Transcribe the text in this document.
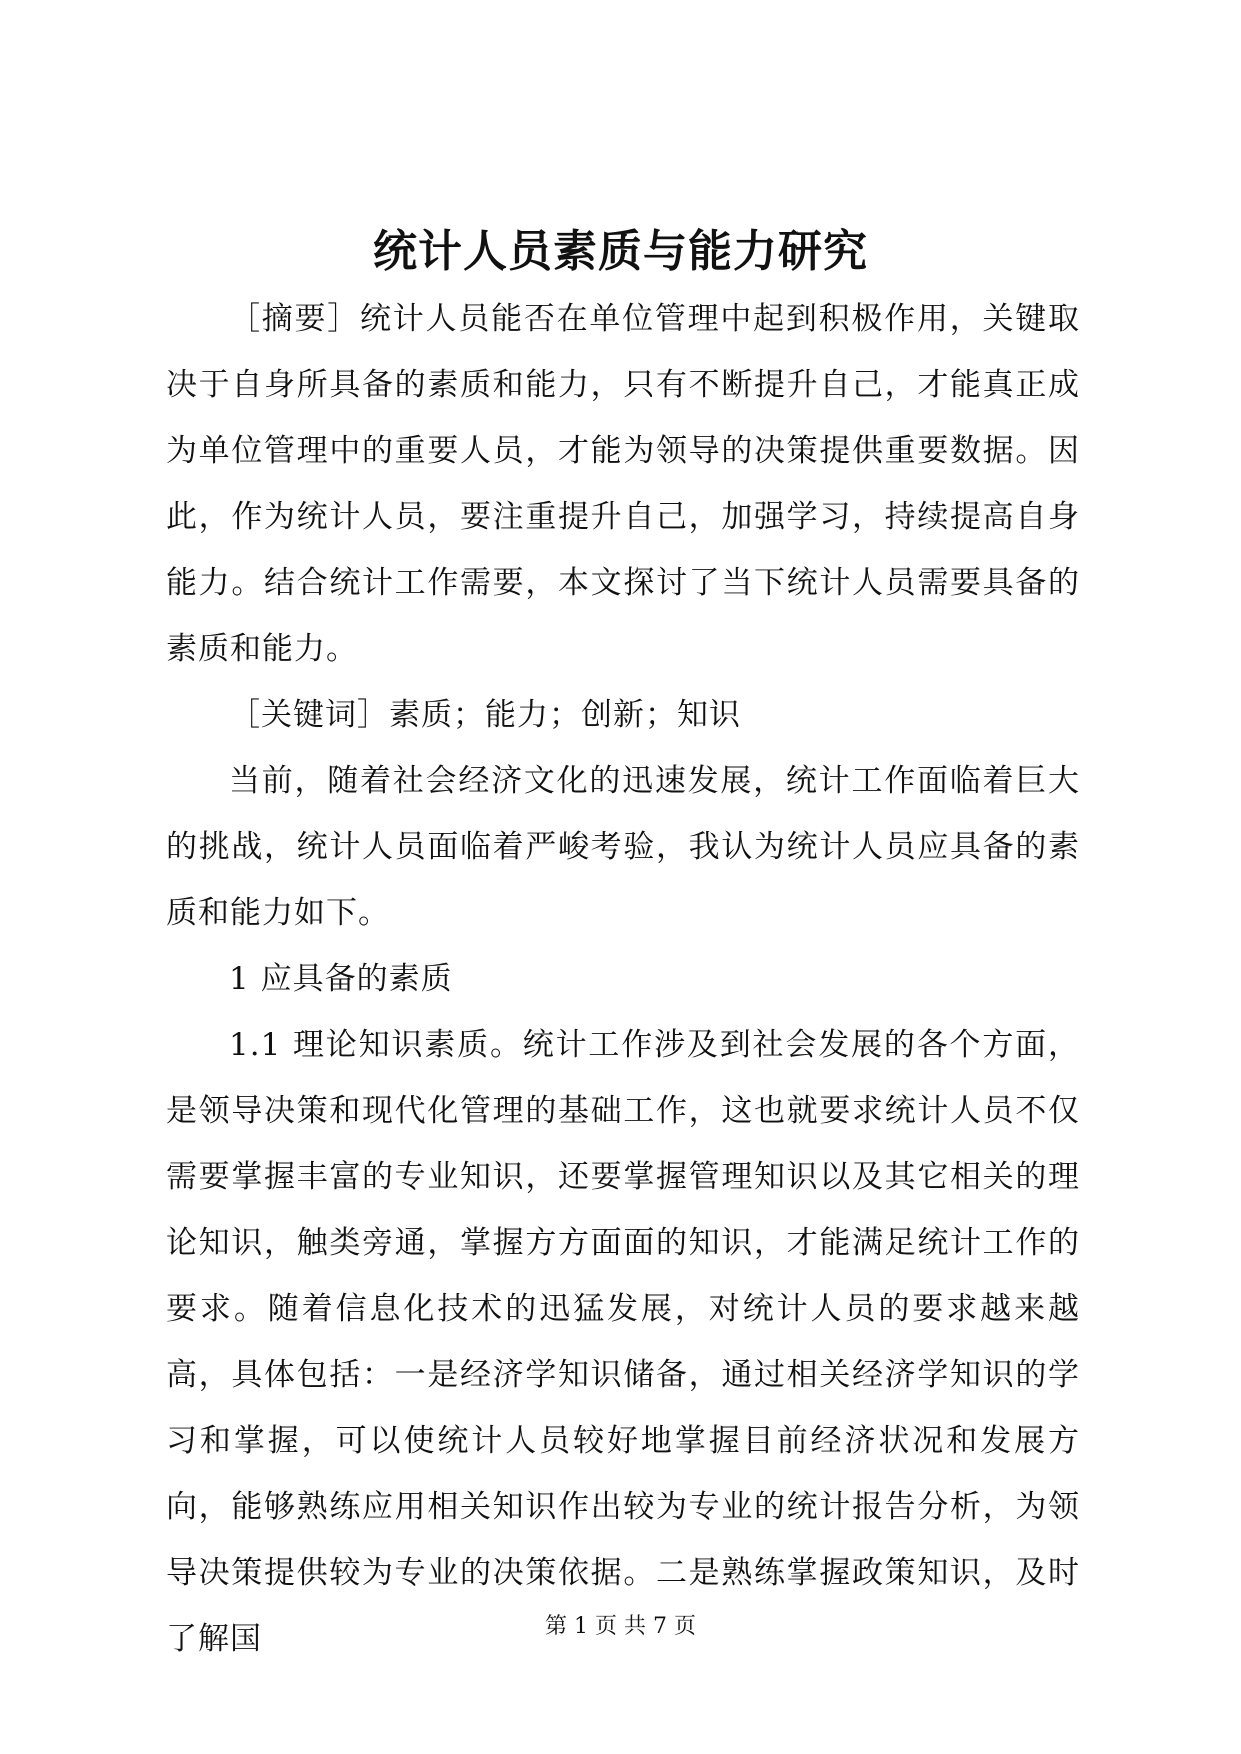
统计人员素质与能力研究

［摘要］统计人员能否在单位管理中起到积极作用，关键取决于自身所具备的素质和能力，只有不断提升自己，才能真正成为单位管理中的重要人员，才能为领导的决策提供重要数据。因此，作为统计人员，要注重提升自己，加强学习，持续提高自身能力。结合统计工作需要，本文探讨了当下统计人员需要具备的素质和能力。

［关键词］素质；能力；创新；知识

当前，随着社会经济文化的迅速发展，统计工作面临着巨大的挑战，统计人员面临着严峻考验，我认为统计人员应具备的素质和能力如下。

1 应具备的素质

1.1 理论知识素质。统计工作涉及到社会发展的各个方面，是领导决策和现代化管理的基础工作，这也就要求统计人员不仅需要掌握丰富的专业知识，还要掌握管理知识以及其它相关的理论知识，触类旁通，掌握方方面面的知识，才能满足统计工作的要求。随着信息化技术的迅猛发展，对统计人员的要求越来越高，具体包括：一是经济学知识储备，通过相关经济学知识的学习和掌握，可以使统计人员较好地掌握目前经济状况和发展方向，能够熟练应用相关知识作出较为专业的统计报告分析，为领导决策提供较为专业的决策依据。二是熟练掌握政策知识，及时了解国	第 1 页 共 7 页
